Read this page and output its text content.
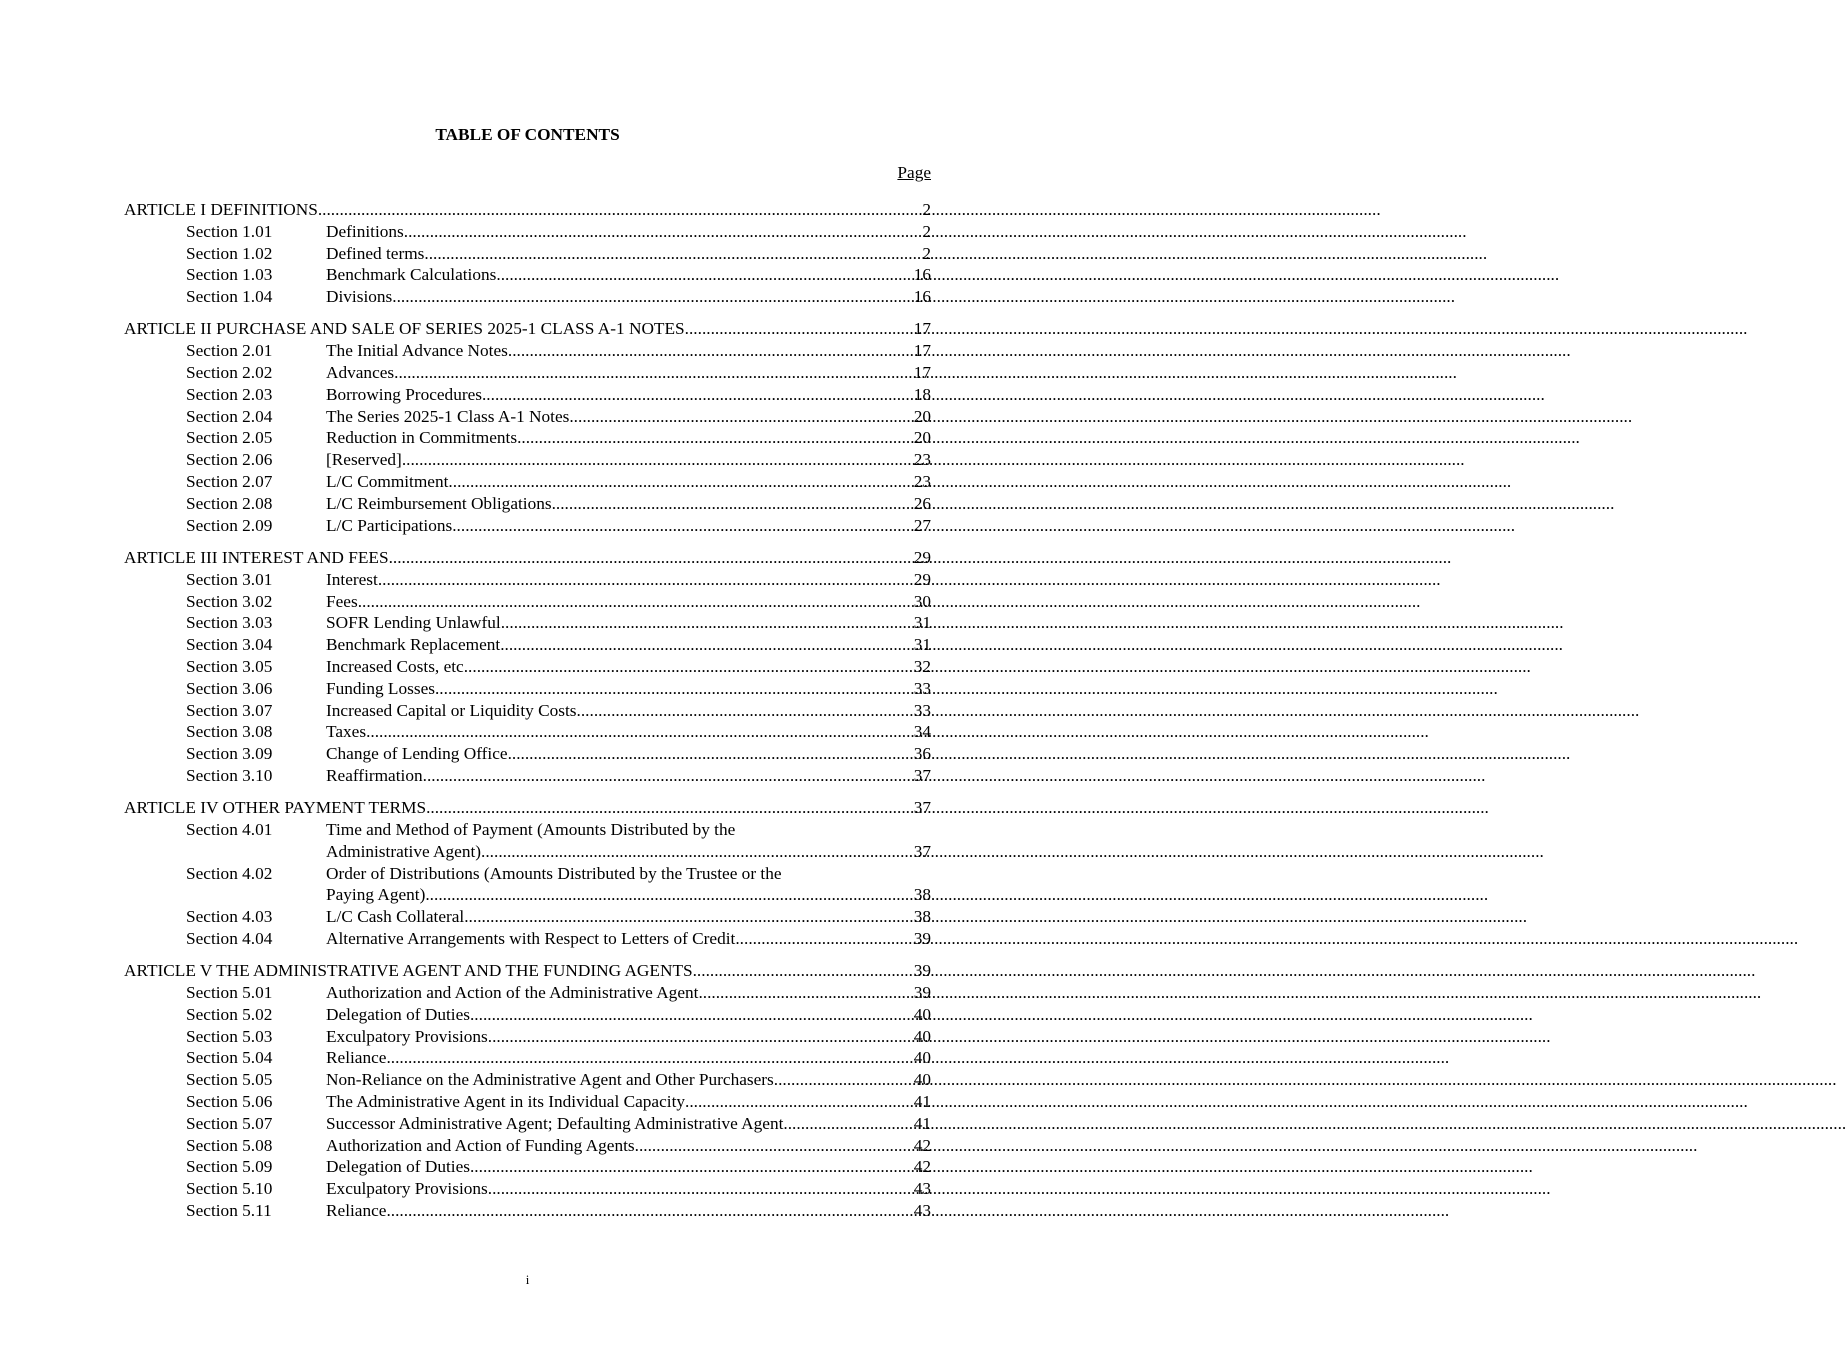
TABLE OF CONTENTS
Page
ARTICLE I DEFINITIONS .....	2
Section 1.01	Definitions .....	2
Section 1.02	Defined terms .....	2
Section 1.03	Benchmark Calculations .....	16
Section 1.04	Divisions .....	16
ARTICLE II PURCHASE AND SALE OF SERIES 2025-1 CLASS A-1 NOTES .....	17
Section 2.01	The Initial Advance Notes .....	17
Section 2.02	Advances .....	17
Section 2.03	Borrowing Procedures .....	18
Section 2.04	The Series 2025-1 Class A-1 Notes .....	20
Section 2.05	Reduction in Commitments .....	20
Section 2.06	[Reserved] .....	23
Section 2.07	L/C Commitment .....	23
Section 2.08	L/C Reimbursement Obligations .....	26
Section 2.09	L/C Participations .....	27
ARTICLE III INTEREST AND FEES .....	29
Section 3.01	Interest .....	29
Section 3.02	Fees .....	30
Section 3.03	SOFR Lending Unlawful .....	31
Section 3.04	Benchmark Replacement .....	31
Section 3.05	Increased Costs, etc. .....	32
Section 3.06	Funding Losses .....	33
Section 3.07	Increased Capital or Liquidity Costs .....	33
Section 3.08	Taxes .....	34
Section 3.09	Change of Lending Office .....	36
Section 3.10	Reaffirmation .....	37
ARTICLE IV OTHER PAYMENT TERMS .....	37
Section 4.01	Time and Method of Payment (Amounts Distributed by the
Administrative Agent) .....	37
Section 4.02	Order of Distributions (Amounts Distributed by the Trustee or the
Paying Agent) .....	38
Section 4.03	L/C Cash Collateral .....	38
Section 4.04	Alternative Arrangements with Respect to Letters of Credit .....	39
ARTICLE V THE ADMINISTRATIVE AGENT AND THE FUNDING AGENTS .....	39
Section 5.01	Authorization and Action of the Administrative Agent .....	39
Section 5.02	Delegation of Duties .....	40
Section 5.03	Exculpatory Provisions .....	40
Section 5.04	Reliance .....	40
Section 5.05	Non-Reliance on the Administrative Agent and Other Purchasers .....	40
Section 5.06	The Administrative Agent in its Individual Capacity .....	41
Section 5.07	Successor Administrative Agent; Defaulting Administrative Agent .....	41
Section 5.08	Authorization and Action of Funding Agents .....	42
Section 5.09	Delegation of Duties .....	42
Section 5.10	Exculpatory Provisions .....	43
Section 5.11	Reliance .....	43
i
